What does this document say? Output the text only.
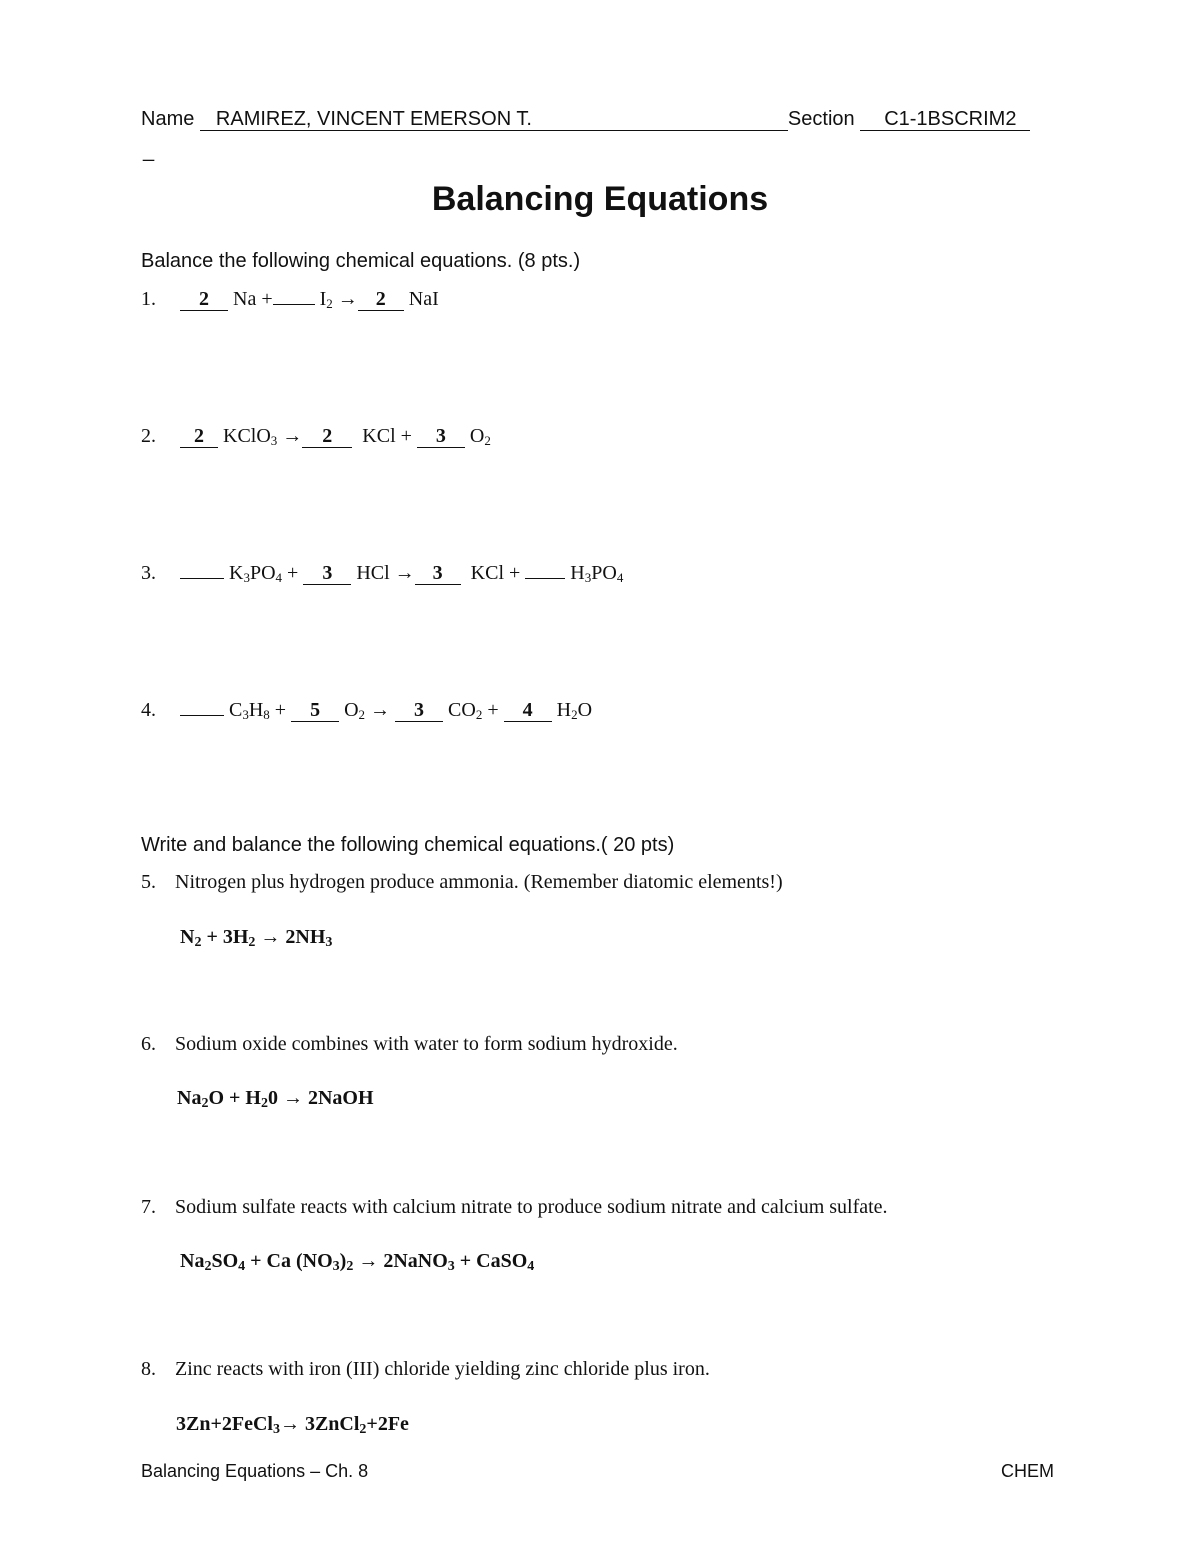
Name RAMIREZ, VINCENT EMERSON T.	Section C1-1BSCRIM2
_
Balancing Equations
Balance the following chemical equations. (8 pts.)
1. 2 $Na + I_2 \to 2$ NaI
2. 2 KClO$_3$ → 2  KCl + 3 $O_2$
3.	$K_3PO_4 + 3$ HCl → 3  KCl +  $H_3PO_4$
4.	$C_3H_8 + 5$ $O_2 \to 3$ $CO_2 + 4$ $H_2O$
Write and balance the following chemical equations.( 20 pts)
5. Nitrogen plus hydrogen produce ammonia. (Remember diatomic elements!)
$N_2 + 3H_2 \to 2NH_3$
6. Sodium oxide combines with water to form sodium hydroxide.
$Na_2O + H_20$ → 2NaOH
7. Sodium sulfate reacts with calcium nitrate to produce sodium nitrate and calcium sulfate.
$Na_2SO_4 + Ca$ $(NO_3)_2$ → 2NaNO$_3$ + CaSO$_4$
8. Zinc reacts with iron (III) chloride yielding zinc chloride plus iron.
3Zn+2FeCl$_3$→ 3ZnCl$_2$+2Fe
Balancing Equations – Ch. 8	CHEM
